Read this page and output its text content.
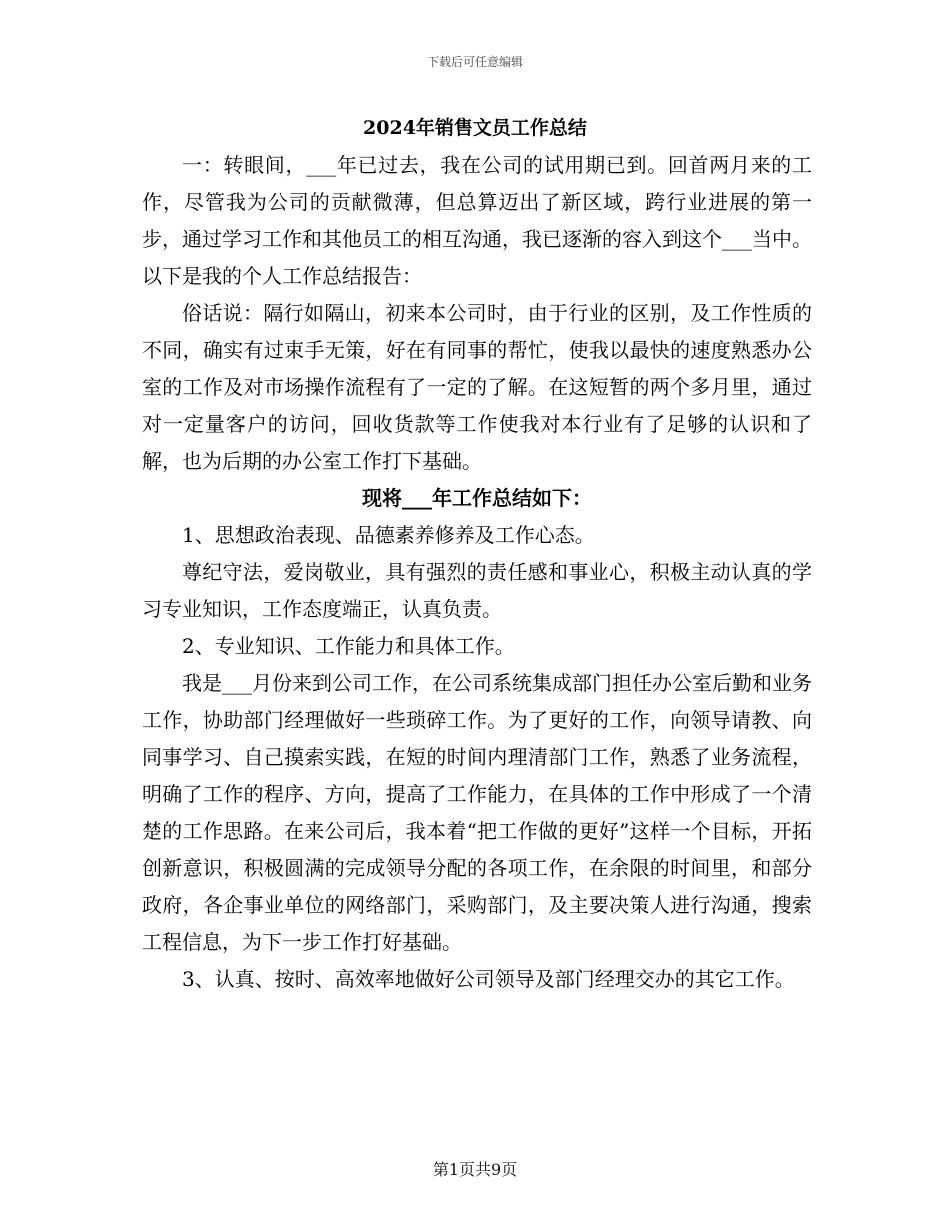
下载后可任意编辑
2024年销售文员工作总结

一：转眼间，___年已过去，我在公司的试用期已到。回首两月来的工作，尽管我为公司的贡献微薄，但总算迈出了新区域，跨行业进展的第一步，通过学习工作和其他员工的相互沟通，我已逐渐的容入到这个___当中。以下是我的个人工作总结报告：

俗话说：隔行如隔山，初来本公司时，由于行业的区别，及工作性质的不同，确实有过束手无策，好在有同事的帮忙，使我以最快的速度熟悉办公室的工作及对市场操作流程有了一定的了解。在这短暂的两个多月里，通过对一定量客户的访问，回收货款等工作使我对本行业有了足够的认识和了解，也为后期的办公室工作打下基础。

现将___年工作总结如下：

1、思想政治表现、品德素养修养及工作心态。

尊纪守法，爱岗敬业，具有强烈的责任感和事业心，积极主动认真的学习专业知识，工作态度端正，认真负责。

2、专业知识、工作能力和具体工作。

我是___月份来到公司工作，在公司系统集成部门担任办公室后勤和业务工作，协助部门经理做好一些琐碎工作。为了更好的工作，向领导请教、向同事学习、自己摸索实践，在短的时间内理清部门工作，熟悉了业务流程，明确了工作的程序、方向，提高了工作能力，在具体的工作中形成了一个清楚的工作思路。在来公司后，我本着“把工作做的更好”这样一个目标，开拓创新意识，积极圆满的完成领导分配的各项工作，在余限的时间里，和部分政府，各企事业单位的网络部门，采购部门，及主要决策人进行沟通，搜索工程信息，为下一步工作打好基础。

3、认真、按时、高效率地做好公司领导及部门经理交办的其它工作。

第1页共9页
